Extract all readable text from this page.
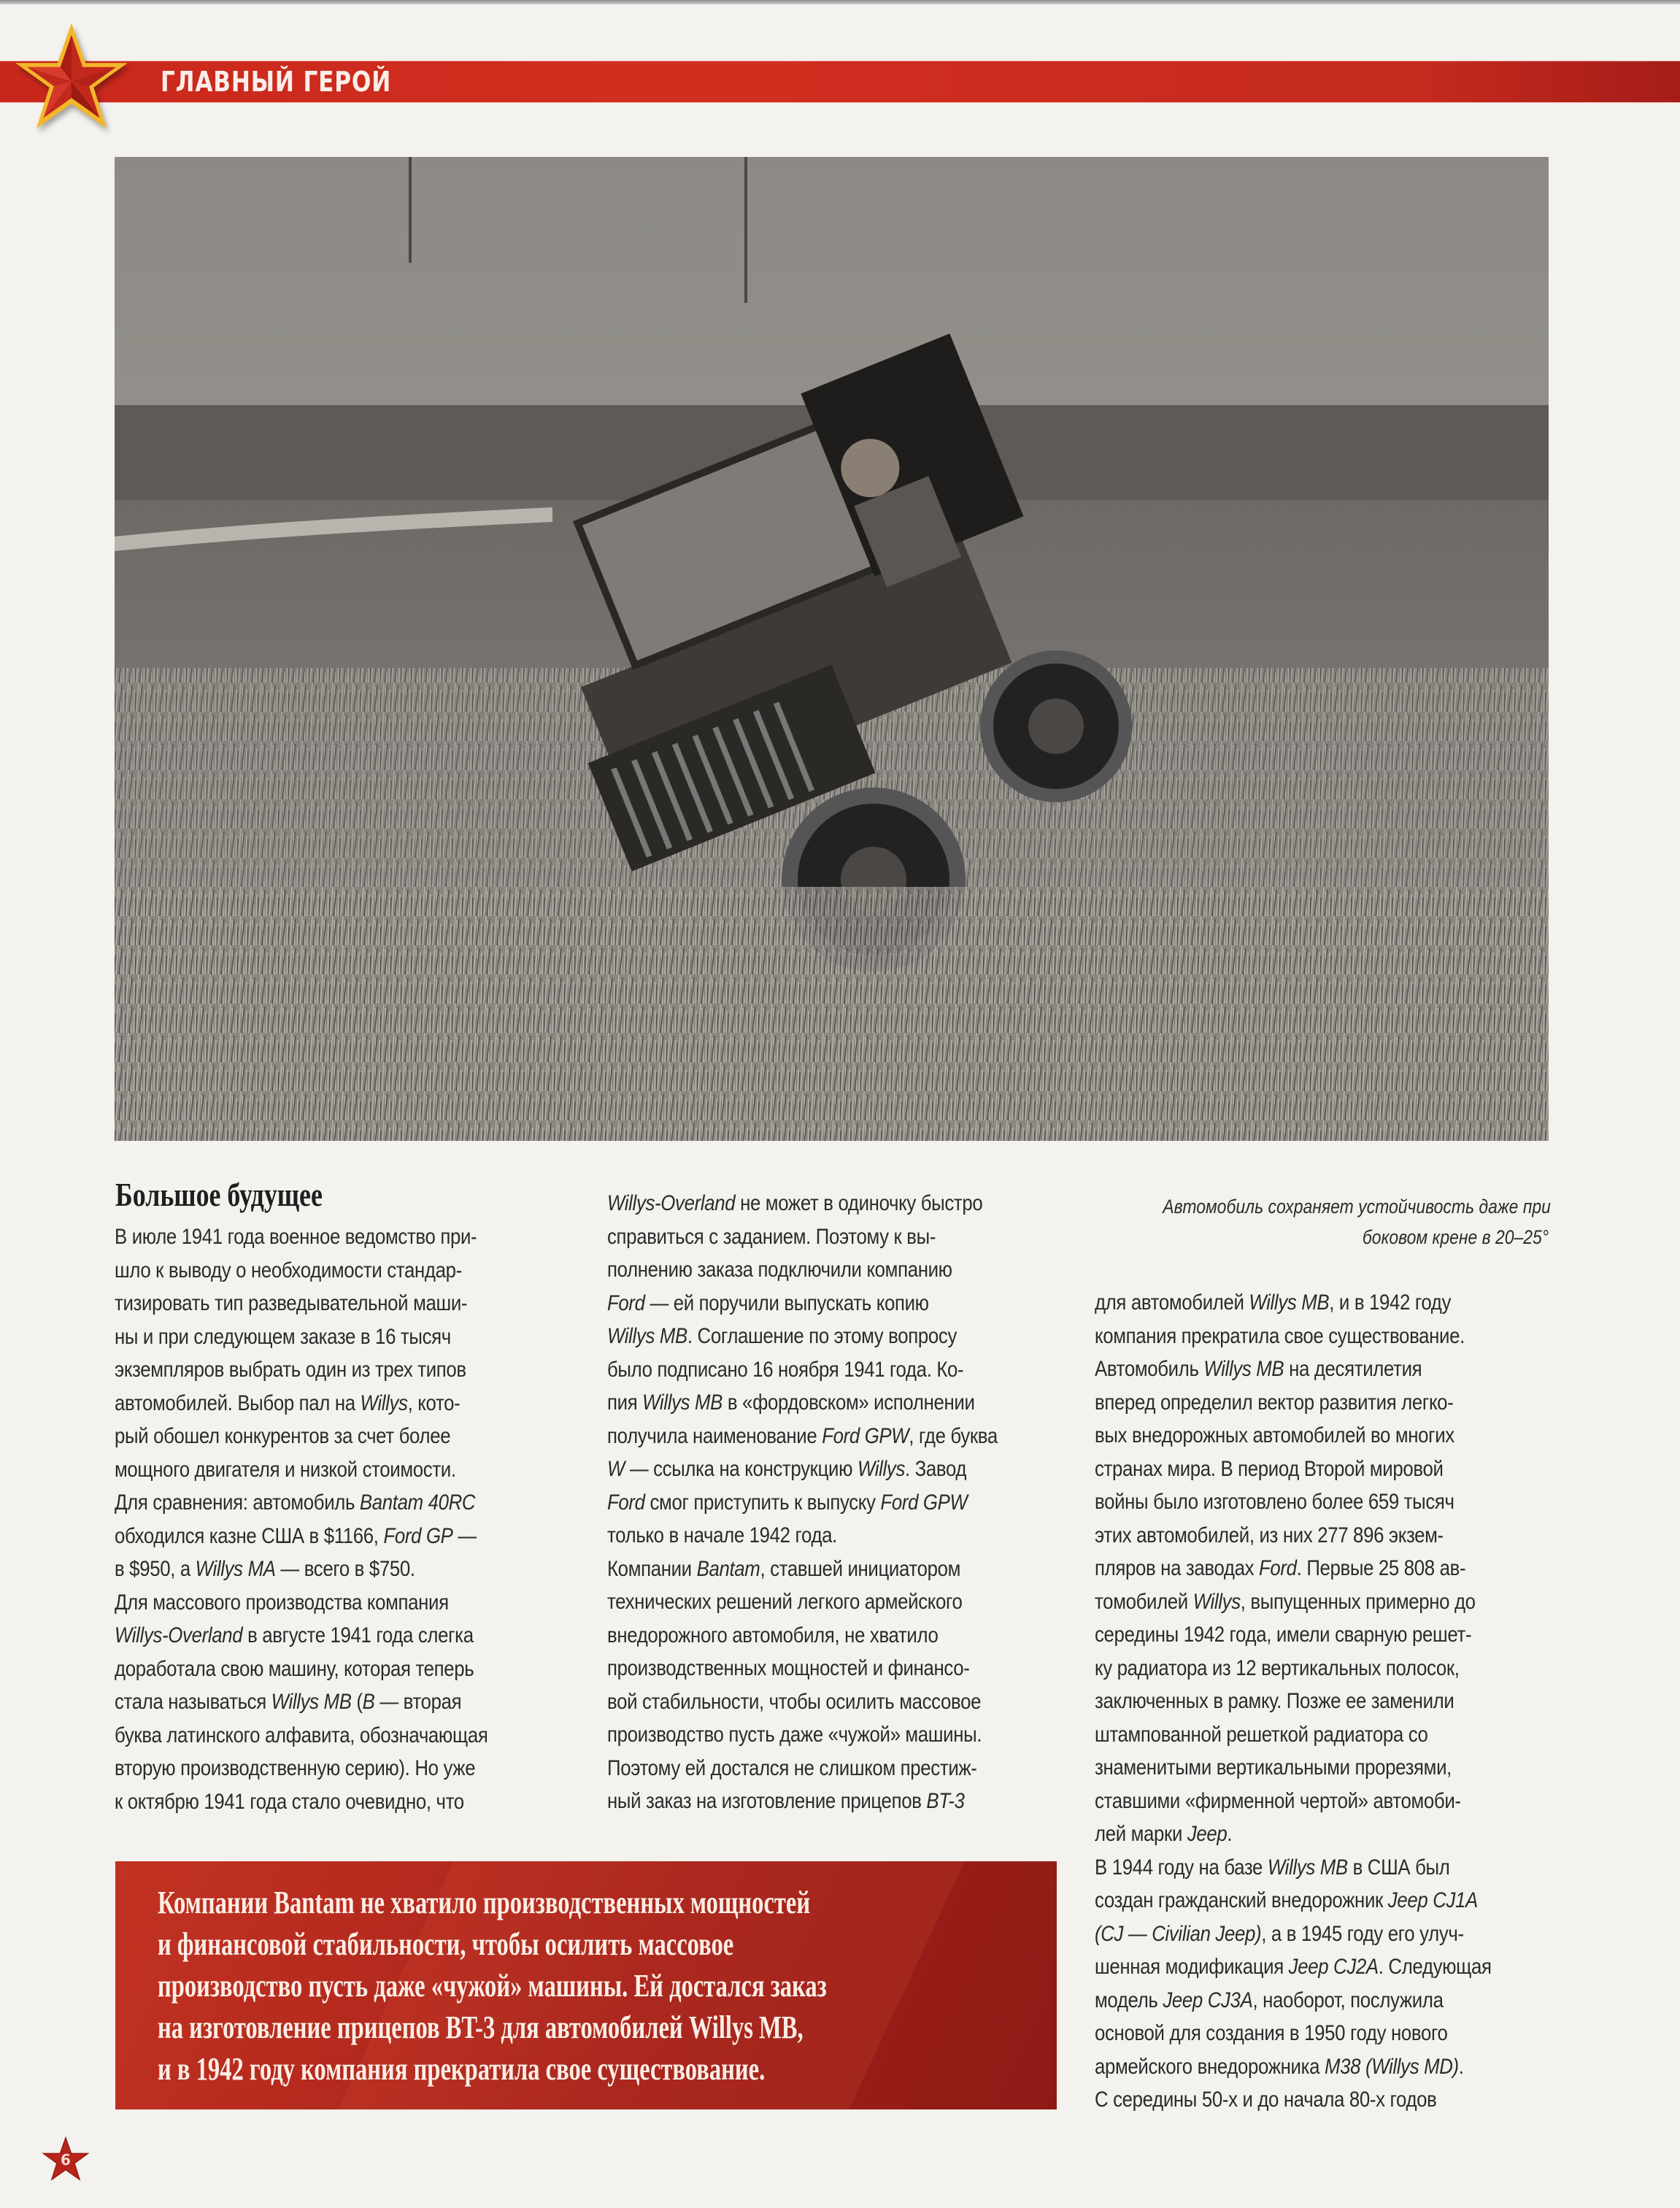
ГЛАВНЫЙ ГЕРОЙ
Автомобиль сохраняет устойчивость даже при
боковом крене в 20–25°
Большое будущее
В июле 1941 года военное ведомство при-
шло к выводу о необходимости стандар-
тизировать тип разведывательной маши-
ны и при следующем заказе в 16 тысяч
экземпляров выбрать один из трех типов
автомобилей. Выбор пал на Willys, кото-
рый обошел конкурентов за счет более
мощного двигателя и низкой стоимости.
Для сравнения: автомобиль Bantam 40RC
обходился казне США в $1166, Ford GP —
в $950, а Willys MA — всего в $750.
Для массового производства компания
Willys-Overland в августе 1941 года слегка
доработала свою машину, которая теперь
стала называться Willys MB (B — вторая
буква латинского алфавита, обозначающая
вторую производственную серию). Но уже
к октябрю 1941 года стало очевидно, что
Willys-Overland не может в одиночку быстро
справиться с заданием. Поэтому к вы-
полнению заказа подключили компанию
Ford — ей поручили выпускать копию
Willys MB. Соглашение по этому вопросу
было подписано 16 ноября 1941 года. Ко-
пия Willys MB в «фордовском» исполнении
получила наименование Ford GPW, где буква
W — ссылка на конструкцию Willys. Завод
Ford смог приступить к выпуску Ford GPW
только в начале 1942 года.
Компании Bantam, ставшей инициатором
технических решений легкого армейского
внедорожного автомобиля, не хватило
производственных мощностей и финансо-
вой стабильности, чтобы осилить массовое
производство пусть даже «чужой» машины.
Поэтому ей достался не слишком престиж-
ный заказ на изготовление прицепов BT-3
для автомобилей Willys MB, и в 1942 году
компания прекратила свое существование.
Автомобиль Willys MB на десятилетия
вперед определил вектор развития легко-
вых внедорожных автомобилей во многих
странах мира. В период Второй мировой
войны было изготовлено более 659 тысяч
этих автомобилей, из них 277 896 экзем-
пляров на заводах Ford. Первые 25 808 ав-
томобилей Willys, выпущенных примерно до
середины 1942 года, имели сварную решет-
ку радиатора из 12 вертикальных полосок,
заключенных в рамку. Позже ее заменили
штампованной решеткой радиатора со
знаменитыми вертикальными прорезями,
ставшими «фирменной чертой» автомоби-
лей марки Jeep.
В 1944 году на базе Willys MB в США был
создан гражданский внедорожник Jeep CJ1A
(CJ — Civilian Jeep), а в 1945 году его улуч-
шенная модификация Jeep CJ2A. Следующая
модель Jeep CJ3A, наоборот, послужила
основой для создания в 1950 году нового
армейского внедорожника M38 (Willys MD).
С середины 50-х и до начала 80-х годов
Компании Bantam не хватило производственных мощностей
и финансовой стабильности, чтобы осилить массовое
производство пусть даже «чужой» машины. Ей достался заказ
на изготовление прицепов BT-3 для автомобилей Willys MB,
и в 1942 году компания прекратила свое существование.
6
